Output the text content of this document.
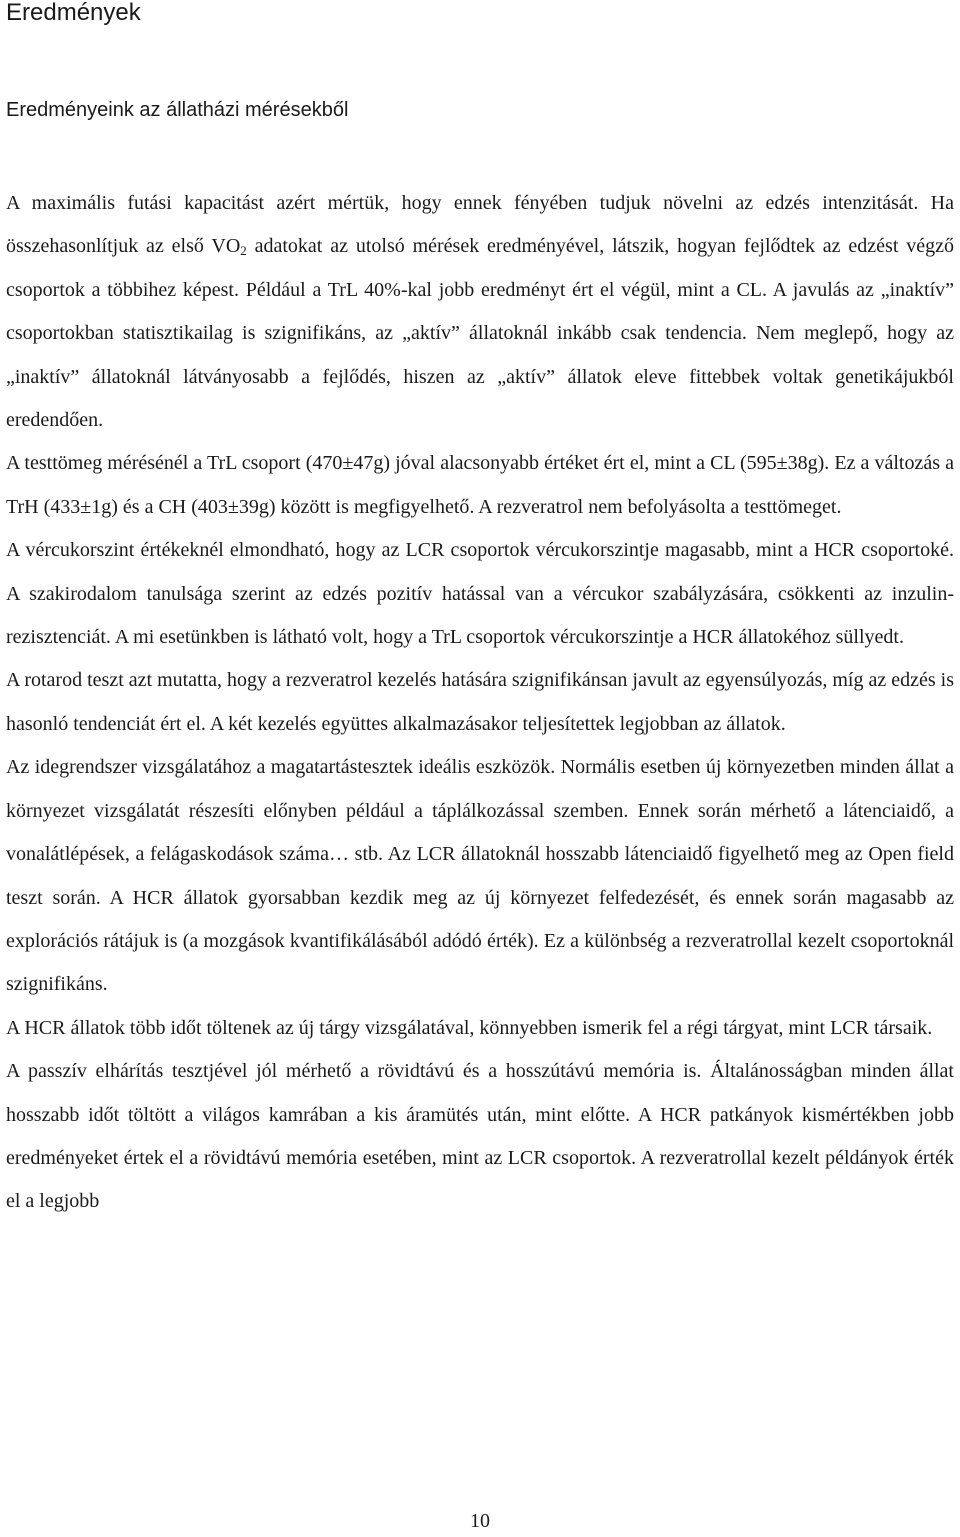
Eredmények
Eredményeink az állatházi mérésekből

A maximális futási kapacitást azért mértük, hogy ennek fényében tudjuk növelni az edzés intenzitását. Ha összehasonlítjuk az első $VO_2$ adatokat az utolsó mérések eredményével, látszik, hogyan fejlődtek az edzést végző csoportok a többihez képest. Például a TrL 40%-kal jobb eredményt ért el végül, mint a CL. A javulás az „inaktív” csoportokban statisztikailag is szignifikáns, az „aktív” állatoknál inkább csak tendencia. Nem meglepő, hogy az „inaktív” állatoknál látványosabb a fejlődés, hiszen az „aktív” állatok eleve fittebbek voltak genetikájukból eredendően.

A testtömeg mérésénél a TrL csoport (470±47g) jóval alacsonyabb értéket ért el, mint a CL (595±38g). Ez a változás a TrH (433±1g) és a CH (403±39g) között is megfigyelhető. A rezveratrol nem befolyásolta a testtömeget.

A vércukorszint értékeknél elmondható, hogy az LCR csoportok vércukorszintje magasabb, mint a HCR csoportoké. A szakirodalom tanulsága szerint az edzés pozitív hatással van a vércukor szabályzására, csökkenti az inzulin-rezisztenciát. A mi esetünkben is látható volt, hogy a TrL csoportok vércukorszintje a HCR állatokéhoz süllyedt.

A rotarod teszt azt mutatta, hogy a rezveratrol kezelés hatására szignifikánsan javult az egyensúlyozás, míg az edzés is hasonló tendenciát ért el. A két kezelés együttes alkalmazásakor teljesítettek legjobban az állatok.

Az idegrendszer vizsgálatához a magatartástesztek ideális eszközök. Normális esetben új környezetben minden állat a környezet vizsgálatát részesíti előnyben például a táplálkozással szemben. Ennek során mérhető a látenciaidő, a vonalátlépések, a felágaskodások száma… stb. Az LCR állatoknál hosszabb látenciaidő figyelhető meg az Open field teszt során. A HCR állatok gyorsabban kezdik meg az új környezet felfedezését, és ennek során magasabb az explorációs rátájuk is (a mozgások kvantifikálásából adódó érték). Ez a különbség a rezveratrollal kezelt csoportoknál szignifikáns.

A HCR állatok több időt töltenek az új tárgy vizsgálatával, könnyebben ismerik fel a régi tárgyat, mint LCR társaik.

A passzív elhárítás tesztjével jól mérhető a rövidtávú és a hosszútávú memória is. Általánosságban minden állat hosszabb időt töltött a világos kamrában a kis áramütés után, mint előtte. A HCR patkányok kismértékben jobb eredményeket értek el a rövidtávú memória esetében, mint az LCR csoportok. A rezveratrollal kezelt példányok érték el a legjobb

10
